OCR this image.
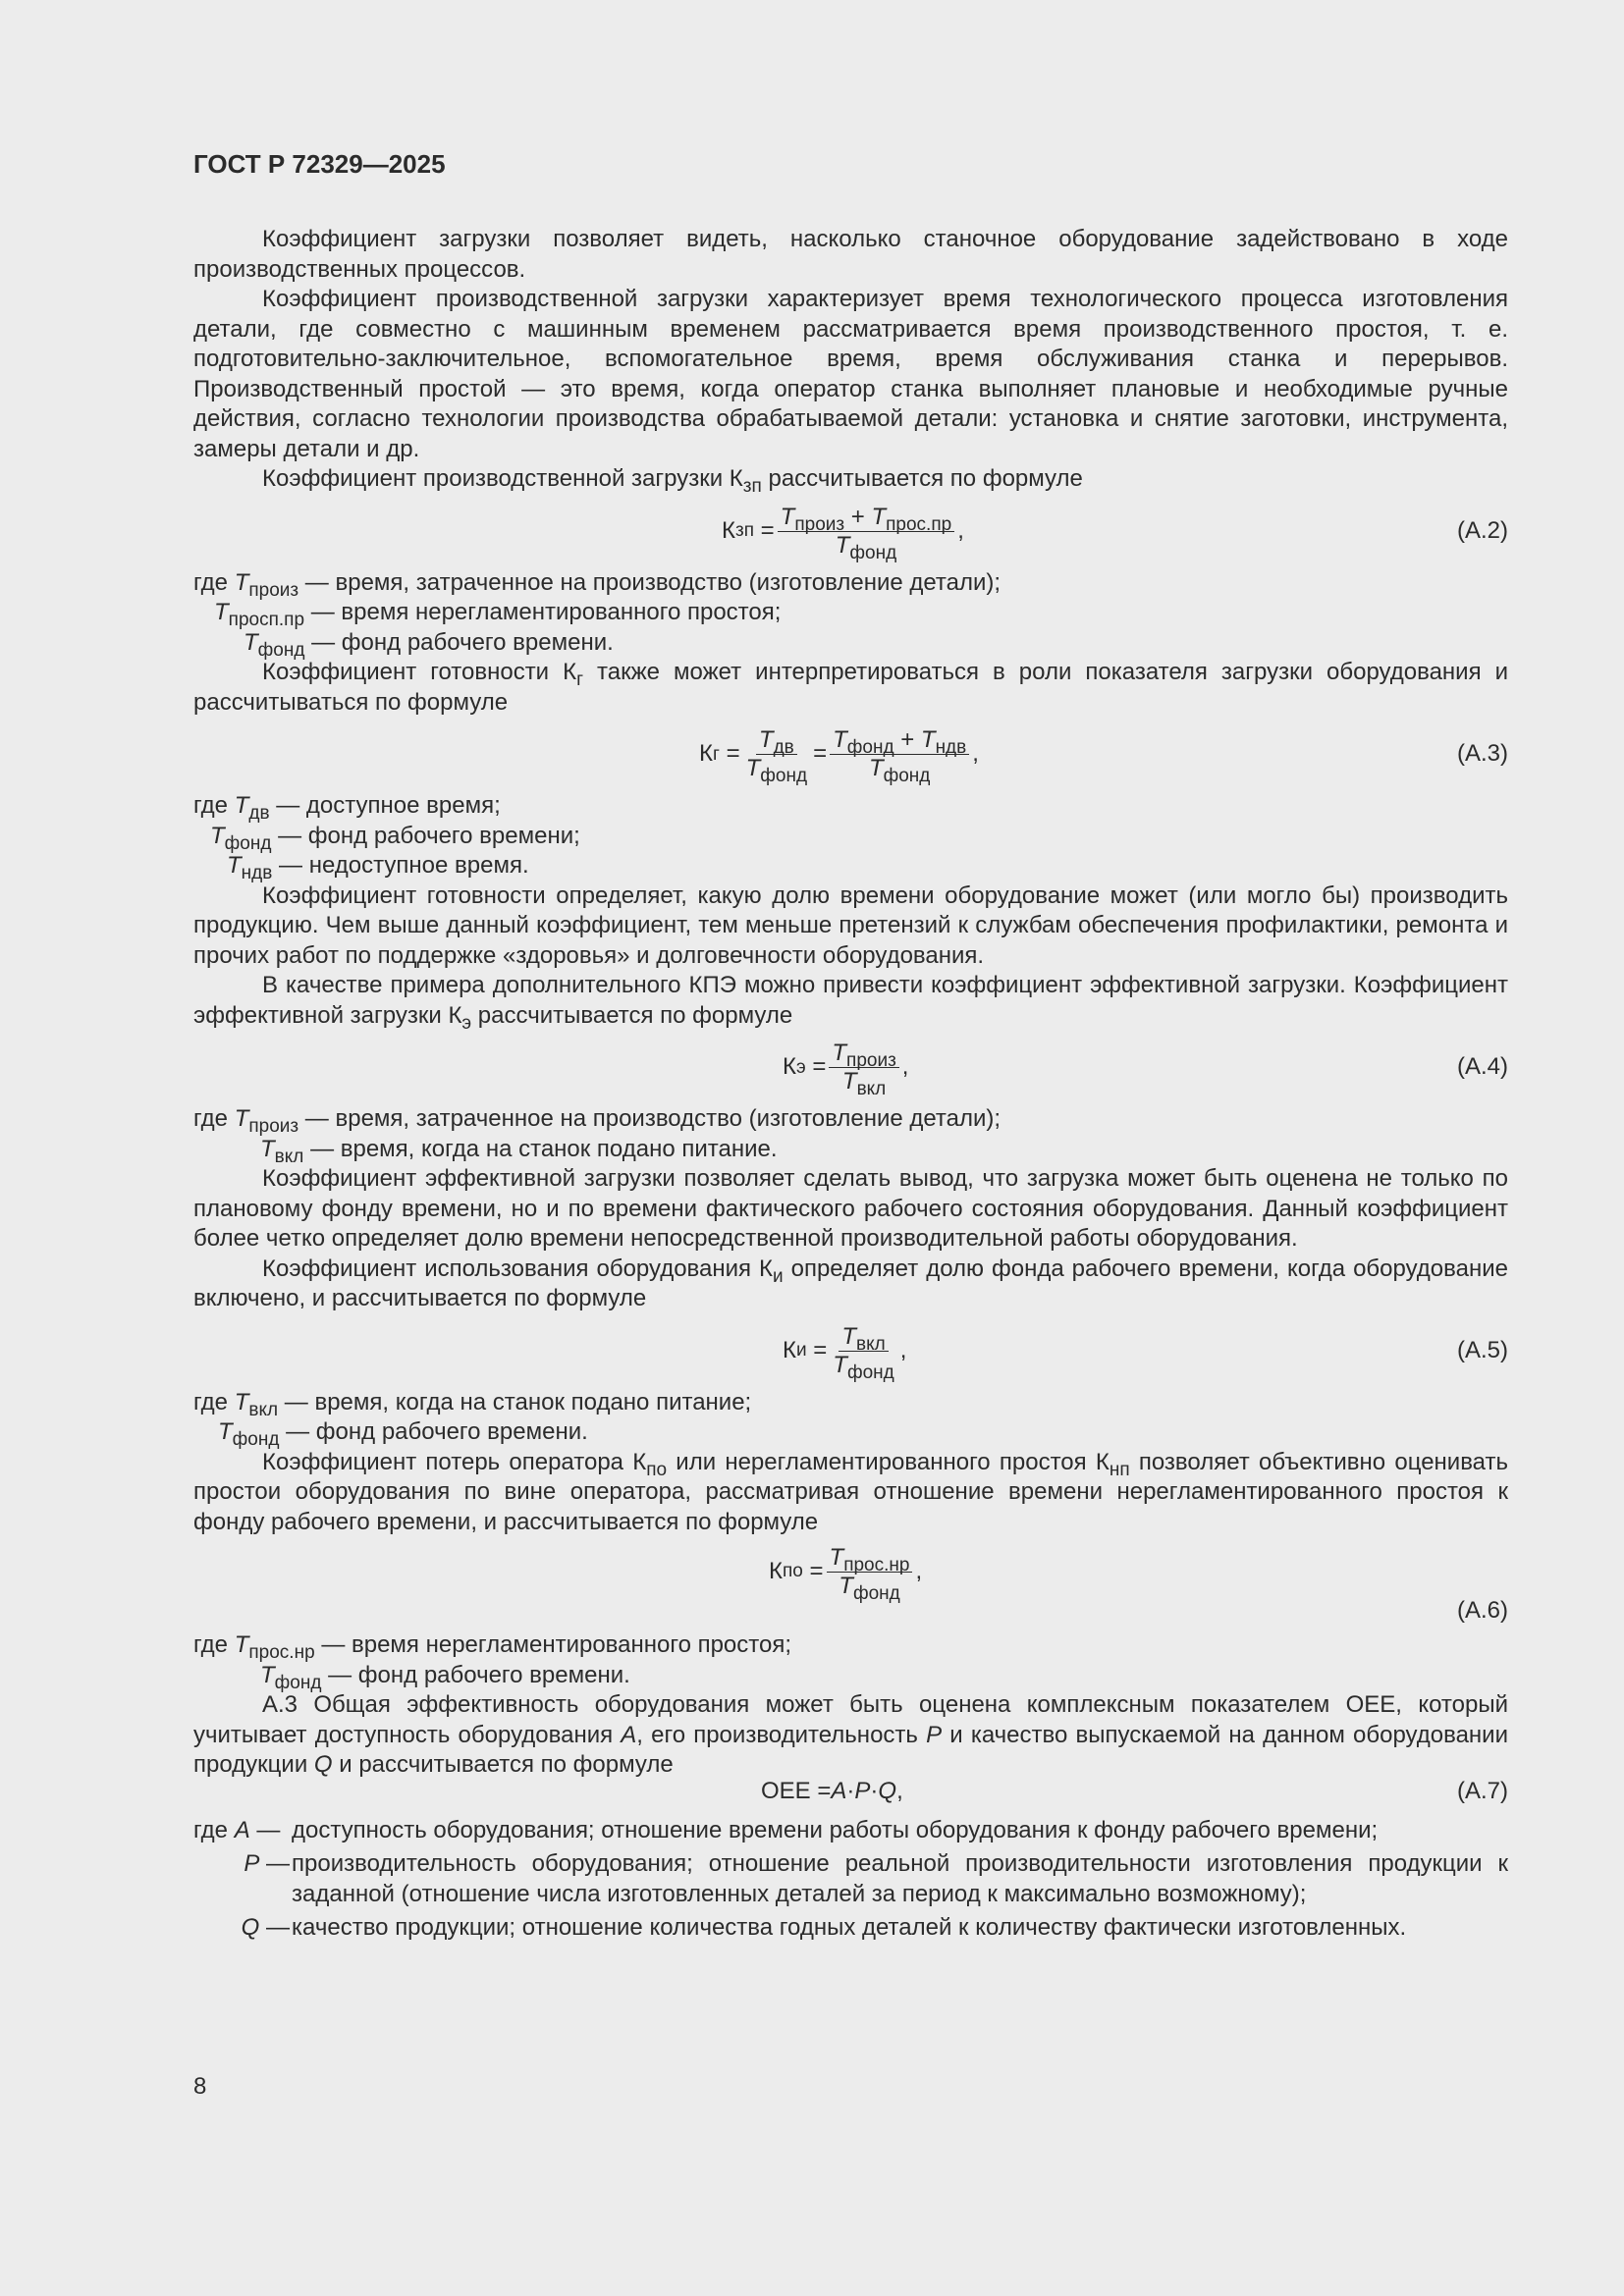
ГОСТ Р 72329—2025

Коэффициент загрузки позволяет видеть, насколько станочное оборудование задействовано в ходе производственных процессов.

Коэффициент производственной загрузки характеризует время технологического процесса изготовления детали, где совместно с машинным временем рассматривается время производственного простоя, т. е. подготовительно-заключительное, вспомогательное время, время обслуживания станка и перерывов. Производственный простой — это время, когда оператор станка выполняет плановые и необходимые ручные действия, согласно технологии производства обрабатываемой детали: установка и снятие заготовки, инструмента, замеры детали и др.

Коэффициент производственной загрузки $К_{зп}$ рассчитывается по формуле

К зп
= $\frac{T_{произ} + T_{прос.пр}}{T_{фонд}}$ ,	(А.2)
где $T_{произ}$ — время, затраченное на производство (изготовление детали);
$T_{просп.пр}$ — время нерегламентированного простоя;
$T_{фонд}$ — фонд рабочего времени.

Коэффициент готовности $К_г$ также может интерпретироваться в роли показателя загрузки оборудования и рассчитываться по формуле

К г
= $\frac{T_{дв}}{T_{фонд}} = \frac{T_{фонд} + T_{ндв}}{T_{фонд}}$ ,	(А.3)
где $T_{дв}$ — доступное время;
$T_{фонд}$ — фонд рабочего времени;
$T_{ндв}$ — недоступное время.

Коэффициент готовности определяет, какую долю времени оборудование может (или могло бы) производить продукцию. Чем выше данный коэффициент, тем меньше претензий к службам обеспечения профилактики, ремонта и прочих работ по поддержке «здоровья» и долговечности оборудования.

В качестве примера дополнительного КПЭ можно привести коэффициент эффективной загрузки. Коэффициент эффективной загрузки $К_э$ рассчитывается по формуле

К э
= $\frac{T_{произ}}{T_{вкл}}$ ,	(А.4)
где $T_{произ}$ — время, затраченное на производство (изготовление детали);
$T_{вкл}$ — время, когда на станок подано питание.

Коэффициент эффективной загрузки позволяет сделать вывод, что загрузка может быть оценена не только по плановому фонду времени, но и по времени фактического рабочего состояния оборудования. Данный коэффициент более четко определяет долю времени непосредственной производительной работы оборудования.

Коэффициент использования оборудования $К_и$ определяет долю фонда рабочего времени, когда оборудование включено, и рассчитывается по формуле

К и
= $\frac{T_{вкл}}{T_{фонд}}$ ,	(А.5)
где $T_{вкл}$ — время, когда на станок подано питание;
$T_{фонд}$ — фонд рабочего времени.

Коэффициент потерь оператора $К_{по}$ или нерегламентированного простоя $К_{нп}$ позволяет объективно оценивать простои оборудования по вине оператора, рассматривая отношение времени нерегламентированного простоя к фонду рабочего времени, и рассчитывается по формуле

К по
= $\frac{T_{прос.нр}}{T_{фонд}}$ ,
(А.6)
где $T_{прос.нр}$ — время нерегламентированного простоя;
$T_{фонд}$ — фонд рабочего времени.

А.3 Общая эффективность оборудования может быть оценена комплексным показателем ОЕЕ, который учитывает доступность оборудования А, его производительность P и качество выпускаемой на данном оборудовании продукции Q и рассчитывается по формуле

ОЕЕ = A · P · Q ,	(А.7)
где A — доступность оборудования; отношение времени работы оборудования к фонду рабочего времени;
P — производительность оборудования; отношение реальной производительности изготовления продукции к заданной (отношение числа изготовленных деталей за период к максимально возможному);
Q — качество продукции; отношение количества годных деталей к количеству фактически изготовленных.
8
